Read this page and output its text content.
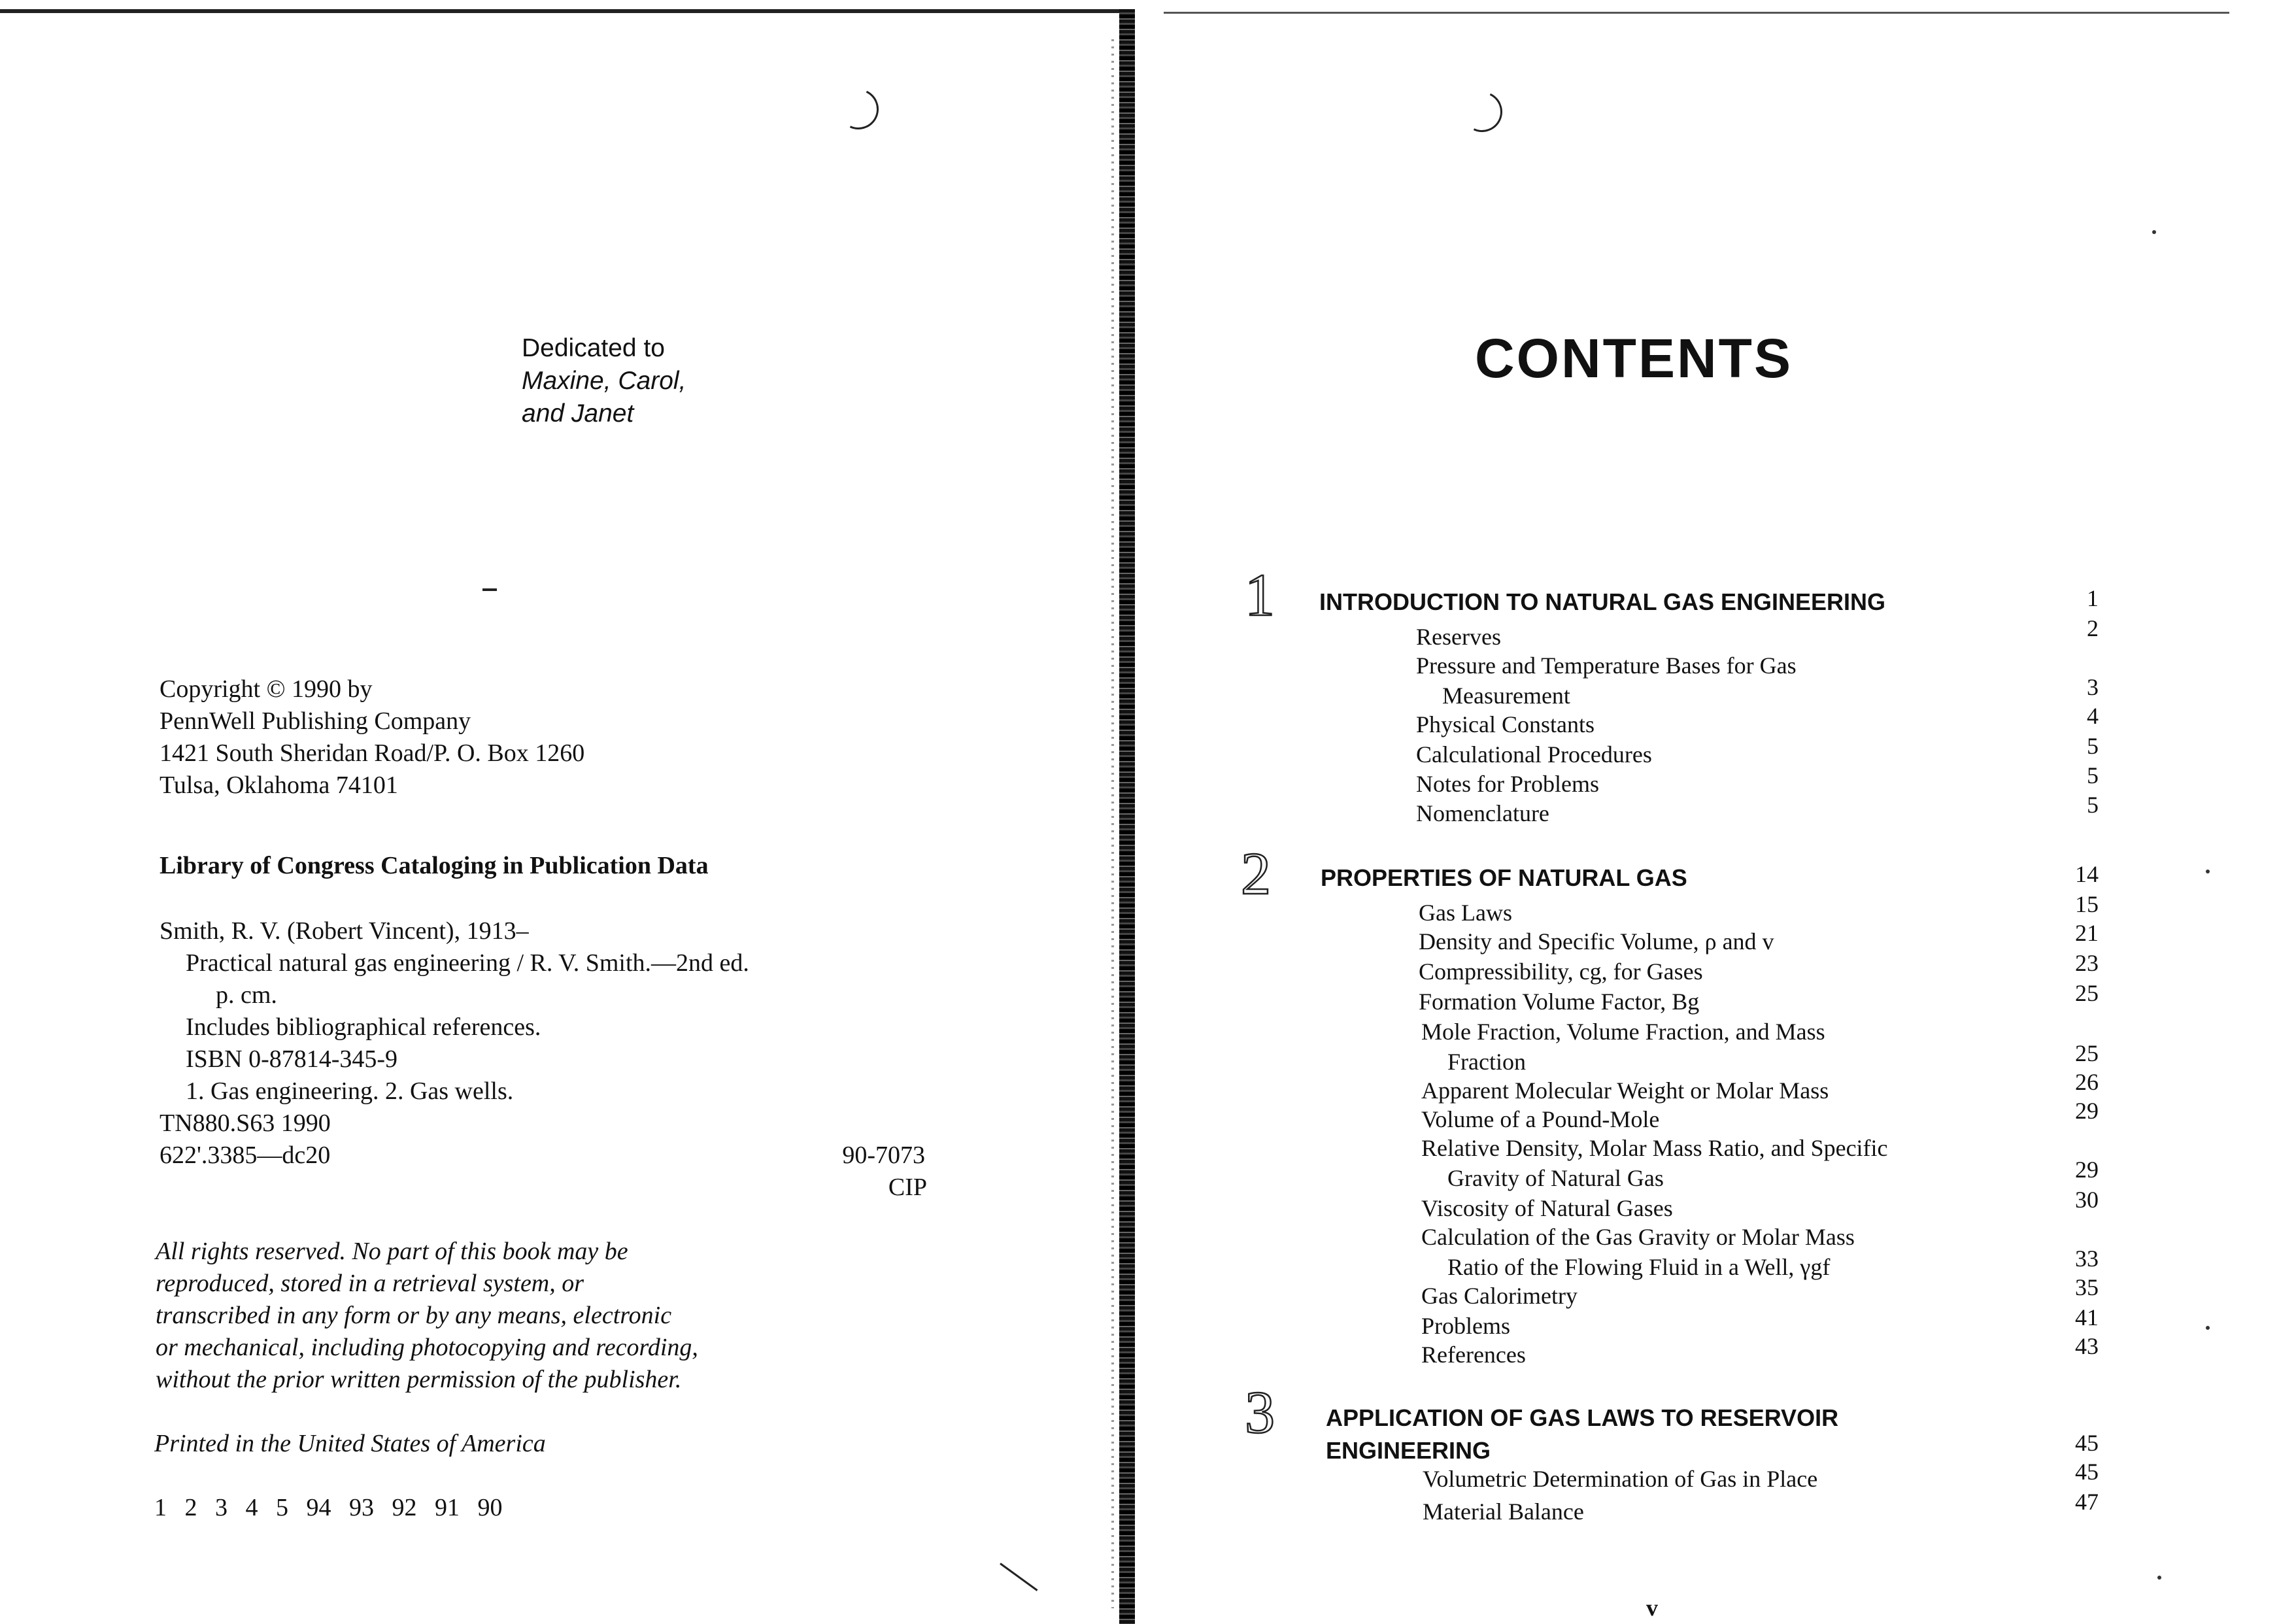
Dedicated to
Maxine, Carol,
and Janet
Copyright © 1990 by
PennWell Publishing Company
1421 South Sheridan Road/P. O. Box 1260
Tulsa, Oklahoma 74101
Library of Congress Cataloging in Publication Data
Smith, R. V. (Robert Vincent), 1913–
Practical natural gas engineering / R. V. Smith.—2nd ed.
p. cm.
Includes bibliographical references.
ISBN 0-87814-345-9
1. Gas engineering. 2. Gas wells.
TN880.S63 1990
622'.3385—dc20	90-7073
CIP
All rights reserved. No part of this book may be
reproduced, stored in a retrieval system, or
transcribed in any form or by any means, electronic
or mechanical, including photocopying and recording,
without the prior written permission of the publisher.
Printed in the United States of America
1 2 3 4 5 94 93 92 91 90
CONTENTS
1 INTRODUCTION TO NATURAL GAS ENGINEERING	1
Reserves	2
Pressure and Temperature Bases for Gas
Measurement	3
Physical Constants	4
Calculational Procedures	5
Notes for Problems	5
Nomenclature	5
2 PROPERTIES OF NATURAL GAS	14
Gas Laws	15
Density and Specific Volume, ρ and v	21
Compressibility, cg, for Gases	23
Formation Volume Factor, Bg	25
Mole Fraction, Volume Fraction, and Mass
Fraction	25
Apparent Molecular Weight or Molar Mass	26
Volume of a Pound-Mole	29
Relative Density, Molar Mass Ratio, and Specific
Gravity of Natural Gas	29
Viscosity of Natural Gases	30
Calculation of the Gas Gravity or Molar Mass
Ratio of the Flowing Fluid in a Well, γgf	33
Gas Calorimetry	35
Problems	41
References	43
3 APPLICATION OF GAS LAWS TO RESERVOIR
ENGINEERING	45
Volumetric Determination of Gas in Place	45
Material Balance	47
v
